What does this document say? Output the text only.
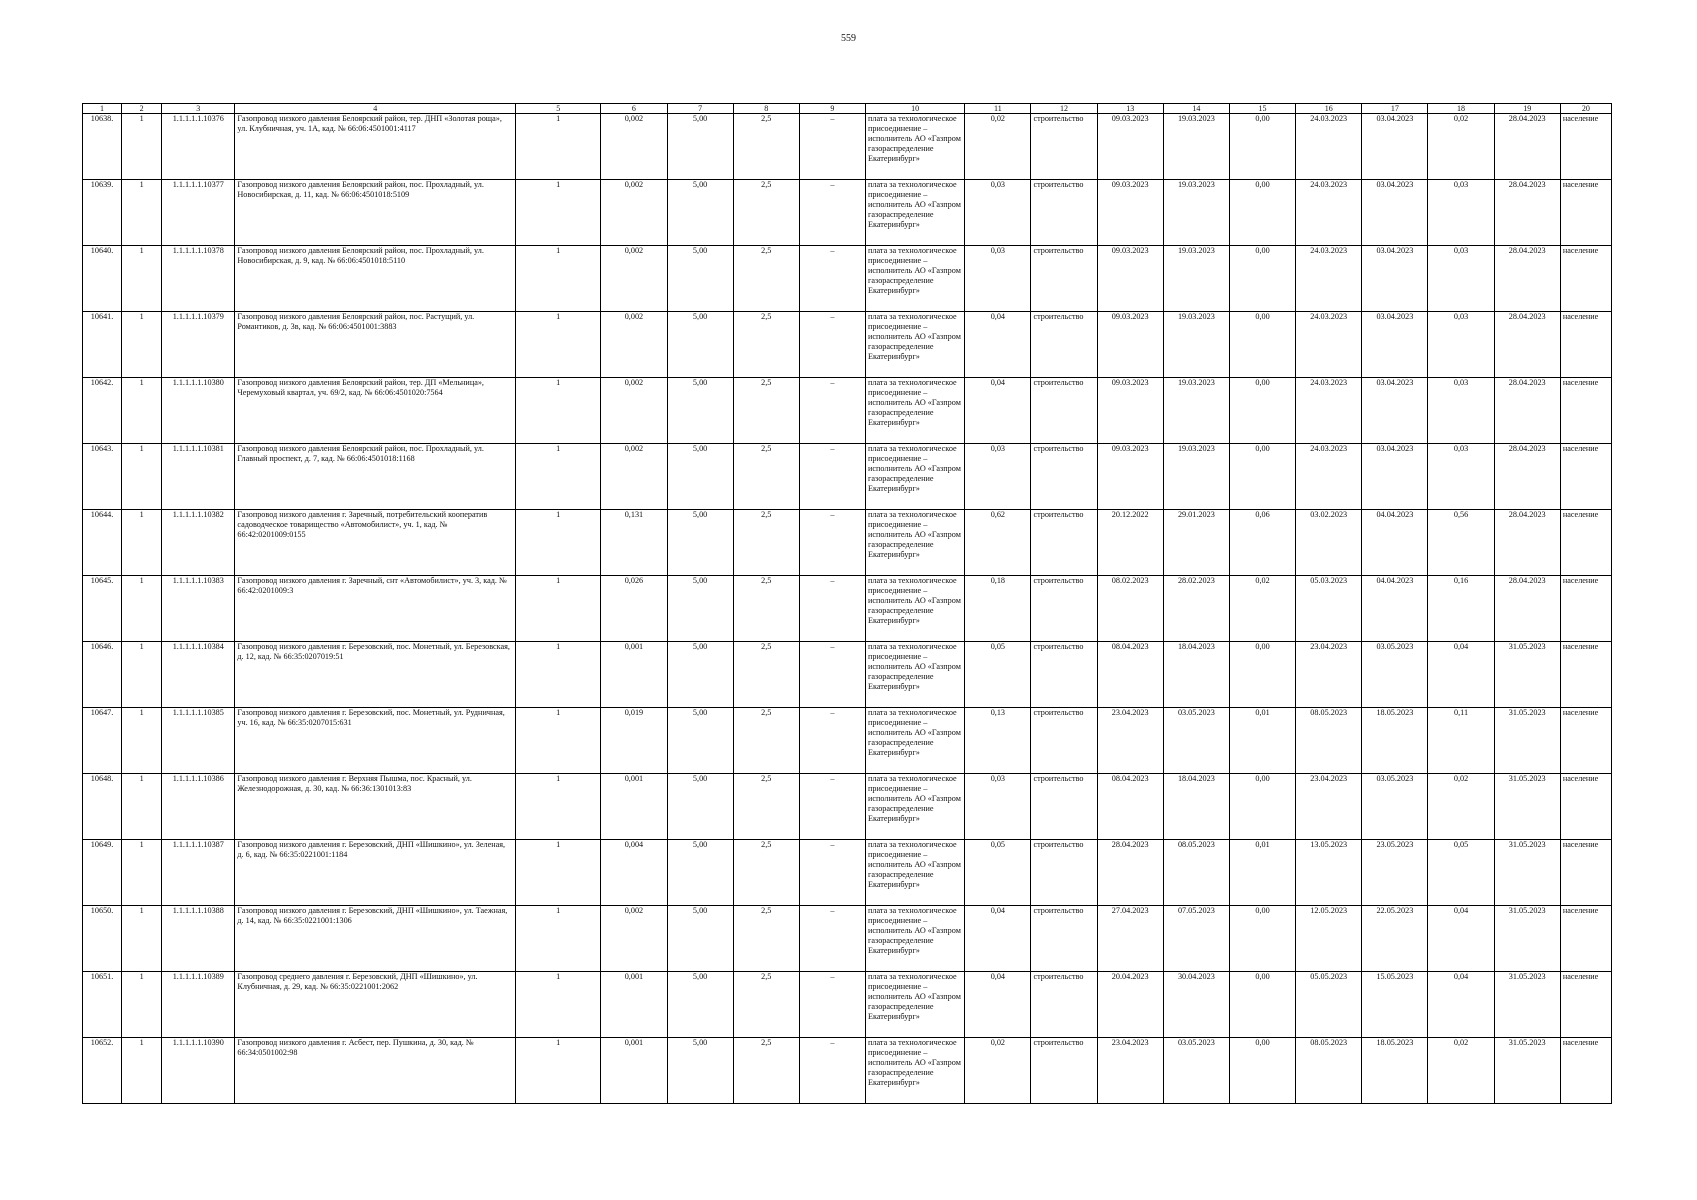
559
1	2	3	4	5	6	7	8	9	10	11	12	13	14	15	16	17	18	19	20
10638.	1	1.1.1.1.1.10376	Газопровод низкого давления Белоярский район, тер. ДНП «Золотая роща», ул. Клубничная, уч. 1А, кад. № 66:06:4501001:4117	1	0,002	5,00	2,5	–	плата за технологическое присоединение – исполнитель АО «Газпром газораспределение Екатеринбург»	0,02	строительство	09.03.2023	19.03.2023	0,00	24.03.2023	03.04.2023	0,02	28.04.2023	население
10639.	1	1.1.1.1.1.10377	Газопровод низкого давления Белоярский район, пос. Прохладный, ул. Новосибирская, д. 11, кад. № 66:06:4501018:5109	1	0,002	5,00	2,5	–	плата за технологическое присоединение – исполнитель АО «Газпром газораспределение Екатеринбург»	0,03	строительство	09.03.2023	19.03.2023	0,00	24.03.2023	03.04.2023	0,03	28.04.2023	население
10640.	1	1.1.1.1.1.10378	Газопровод низкого давления Белоярский район, пос. Прохладный, ул. Новосибирская, д. 9, кад. № 66:06:4501018:5110	1	0,002	5,00	2,5	–	плата за технологическое присоединение – исполнитель АО «Газпром газораспределение Екатеринбург»	0,03	строительство	09.03.2023	19.03.2023	0,00	24.03.2023	03.04.2023	0,03	28.04.2023	население
10641.	1	1.1.1.1.1.10379	Газопровод низкого давления Белоярский район, пос. Растущий, ул. Романтиков, д. 3в, кад. № 66:06:4501001:3883	1	0,002	5,00	2,5	–	плата за технологическое присоединение – исполнитель АО «Газпром газораспределение Екатеринбург»	0,04	строительство	09.03.2023	19.03.2023	0,00	24.03.2023	03.04.2023	0,03	28.04.2023	население
10642.	1	1.1.1.1.1.10380	Газопровод низкого давления Белоярский район, тер. ДП «Мельница», Черемуховый квартал, уч. 69/2, кад. № 66:06:4501020:7564	1	0,002	5,00	2,5	–	плата за технологическое присоединение – исполнитель АО «Газпром газораспределение Екатеринбург»	0,04	строительство	09.03.2023	19.03.2023	0,00	24.03.2023	03.04.2023	0,03	28.04.2023	население
10643.	1	1.1.1.1.1.10381	Газопровод низкого давления Белоярский район, пос. Прохладный, ул. Главный проспект, д. 7, кад. № 66:06:4501018:1168	1	0,002	5,00	2,5	–	плата за технологическое присоединение – исполнитель АО «Газпром газораспределение Екатеринбург»	0,03	строительство	09.03.2023	19.03.2023	0,00	24.03.2023	03.04.2023	0,03	28.04.2023	население
10644.	1	1.1.1.1.1.10382	Газопровод низкого давления г. Заречный, потребительский кооператив садоводческое товарищество «Автомобилист», уч. 1, кад. № 66:42:0201009:0155	1	0,131	5,00	2,5	–	плата за технологическое присоединение – исполнитель АО «Газпром газораспределение Екатеринбург»	0,62	строительство	20.12.2022	29.01.2023	0,06	03.02.2023	04.04.2023	0,56	28.04.2023	население
10645.	1	1.1.1.1.1.10383	Газопровод низкого давления г. Заречный, снт «Автомобилист», уч. 3, кад. № 66:42:0201009:3	1	0,026	5,00	2,5	–	плата за технологическое присоединение – исполнитель АО «Газпром газораспределение Екатеринбург»	0,18	строительство	08.02.2023	28.02.2023	0,02	05.03.2023	04.04.2023	0,16	28.04.2023	население
10646.	1	1.1.1.1.1.10384	Газопровод низкого давления г. Березовский, пос. Монетный, ул. Березовская, д. 12, кад. № 66:35:0207019:51	1	0,001	5,00	2,5	–	плата за технологическое присоединение – исполнитель АО «Газпром газораспределение Екатеринбург»	0,05	строительство	08.04.2023	18.04.2023	0,00	23.04.2023	03.05.2023	0,04	31.05.2023	население
10647.	1	1.1.1.1.1.10385	Газопровод низкого давления г. Березовский, пос. Монетный, ул. Рудничная, уч. 16, кад. № 66:35:0207015:631	1	0,019	5,00	2,5	–	плата за технологическое присоединение – исполнитель АО «Газпром газораспределение Екатеринбург»	0,13	строительство	23.04.2023	03.05.2023	0,01	08.05.2023	18.05.2023	0,11	31.05.2023	население
10648.	1	1.1.1.1.1.10386	Газопровод низкого давления г. Верхняя Пышма, пос. Красный, ул. Железнодорожная, д. 30, кад. № 66:36:1301013:83	1	0,001	5,00	2,5	–	плата за технологическое присоединение – исполнитель АО «Газпром газораспределение Екатеринбург»	0,03	строительство	08.04.2023	18.04.2023	0,00	23.04.2023	03.05.2023	0,02	31.05.2023	население
10649.	1	1.1.1.1.1.10387	Газопровод низкого давления г. Березовский, ДНП «Шишкино», ул. Зеленая, д. 6, кад. № 66:35:0221001:1184	1	0,004	5,00	2,5	–	плата за технологическое присоединение – исполнитель АО «Газпром газораспределение Екатеринбург»	0,05	строительство	28.04.2023	08.05.2023	0,01	13.05.2023	23.05.2023	0,05	31.05.2023	население
10650.	1	1.1.1.1.1.10388	Газопровод низкого давления г. Березовский, ДНП «Шишкино», ул. Таежная, д. 14, кад. № 66:35:0221001:1306	1	0,002	5,00	2,5	–	плата за технологическое присоединение – исполнитель АО «Газпром газораспределение Екатеринбург»	0,04	строительство	27.04.2023	07.05.2023	0,00	12.05.2023	22.05.2023	0,04	31.05.2023	население
10651.	1	1.1.1.1.1.10389	Газопровод среднего давления г. Березовский, ДНП «Шишкино», ул. Клубничная, д. 29, кад. № 66:35:0221001:2062	1	0,001	5,00	2,5	–	плата за технологическое присоединение – исполнитель АО «Газпром газораспределение Екатеринбург»	0,04	строительство	20.04.2023	30.04.2023	0,00	05.05.2023	15.05.2023	0,04	31.05.2023	население
10652.	1	1.1.1.1.1.10390	Газопровод низкого давления г. Асбест, пер. Пушкина, д. 30, кад. № 66:34:0501002:98	1	0,001	5,00	2,5	–	плата за технологическое присоединение – исполнитель АО «Газпром газораспределение Екатеринбург»	0,02	строительство	23.04.2023	03.05.2023	0,00	08.05.2023	18.05.2023	0,02	31.05.2023	население
